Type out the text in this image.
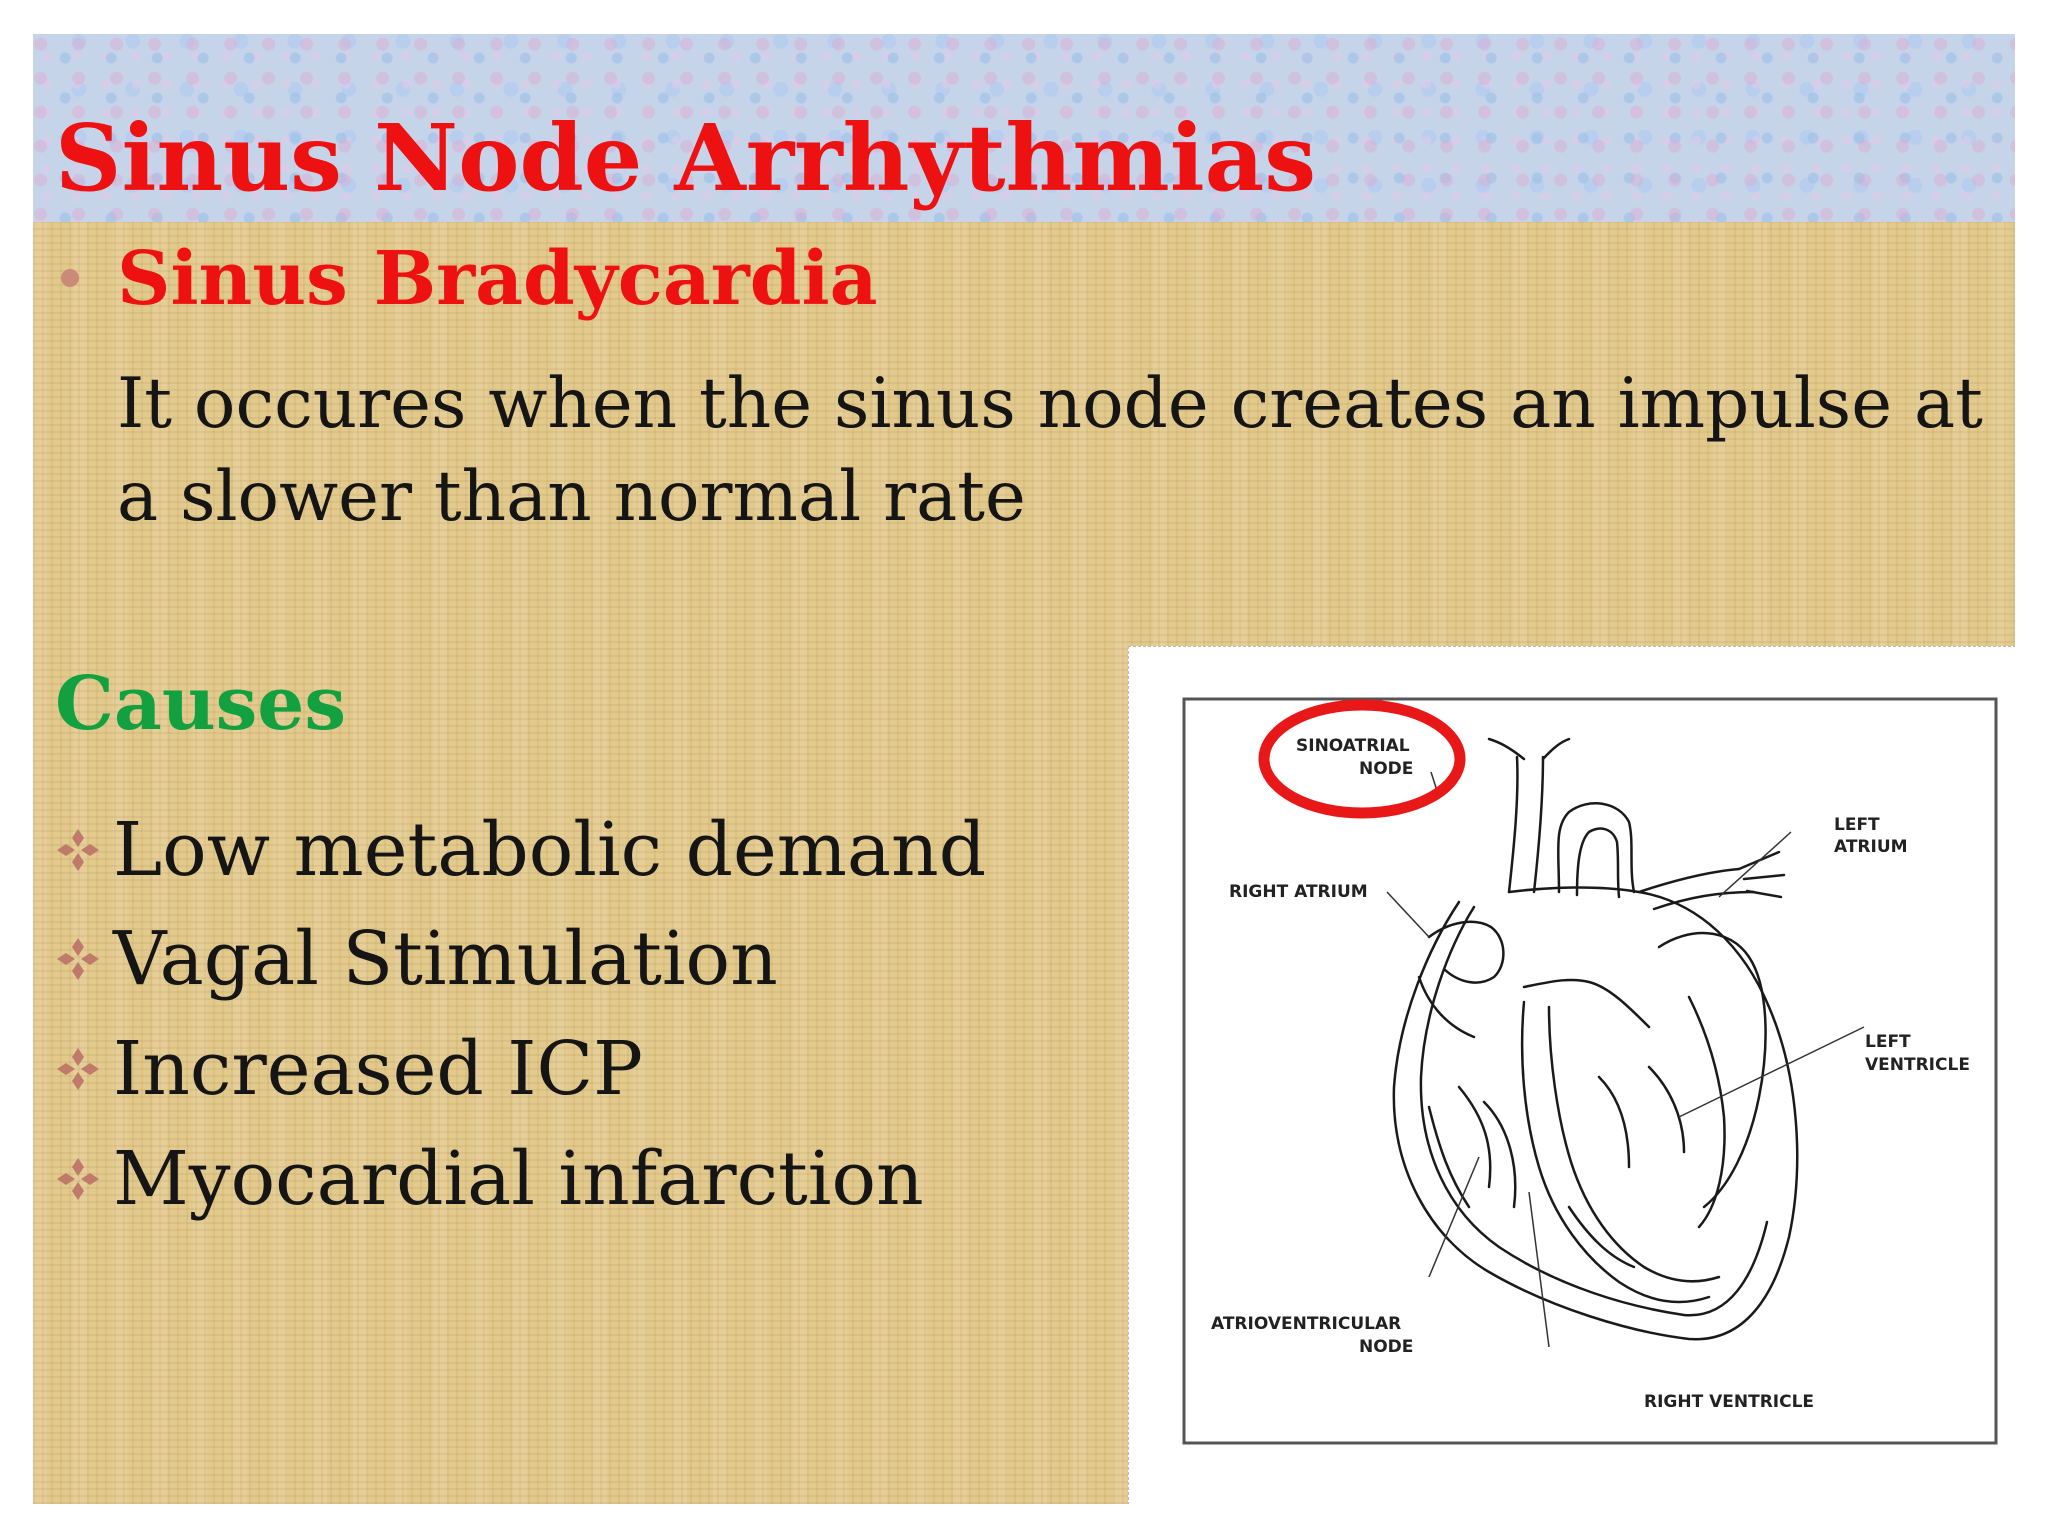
Sinus Node Arrhythmias
Sinus Bradycardia
It occures when the sinus node creates an impulse at a slower than normal rate
Causes
Low metabolic demand
Vagal Stimulation
Increased ICP
Myocardial infarction
SINOATRIAL
NODE
LEFT
ATRIUM
RIGHT ATRIUM
LEFT
VENTRICLE
ATRIOVENTRICULAR
NODE
RIGHT VENTRICLE
